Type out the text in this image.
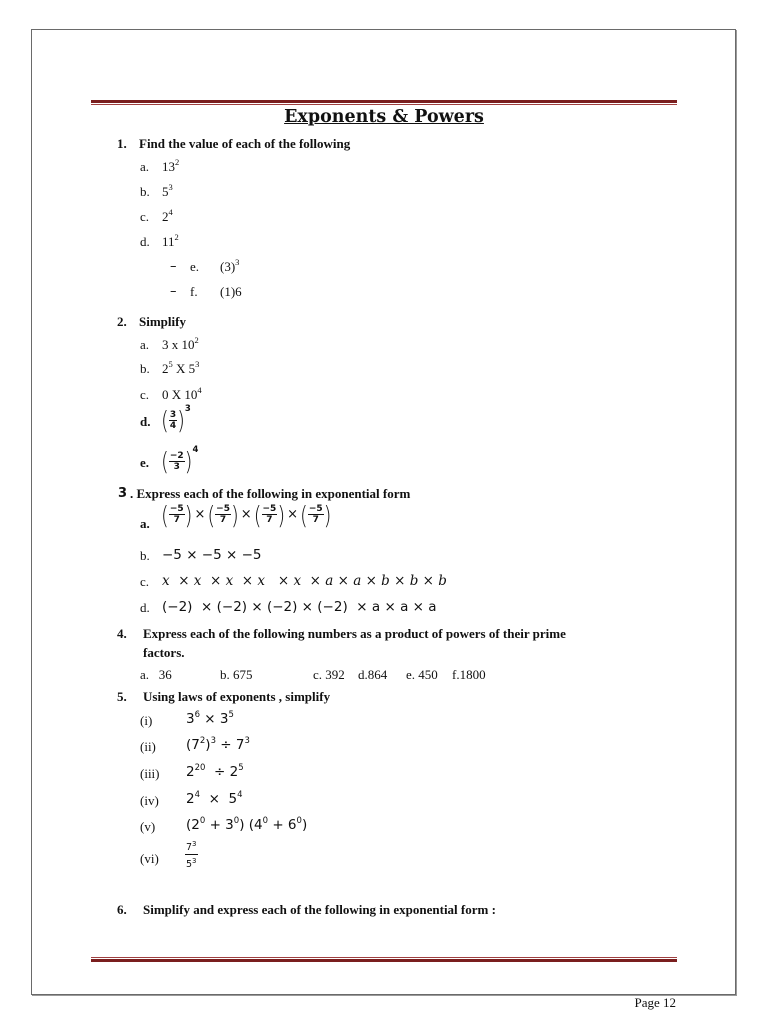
Exponents & Powers
1. Find the value of each of the following
a. $13^2$
b. $5^3$
c. $2^4$
d. $11^2$
– e. $(3)^3$
– f. (1)6
2. Simplify
a. 3 x $10^2$
b. $2^5$ X $5^3$
c. 0 X $10^4$
d. ( $\frac{3}{4} )^3$
e. ( $\frac{-2}{3} )^4$
3 . Express each of the following in exponential form
a. ( $\frac{-5}{7}$ ) × ( $\frac{-5}{7}$ ) × ( $\frac{-5}{7}$ ) × ( $\frac{-5}{7}$ )
b. −5 × −5 × −5
c. x  × x  × x  × x   × x  × a × a × b × b × b
d. (−2)  × (−2) × (−2) × (−2)  × a × a × a
4. Express each of the following numbers as a product of powers of their prime
factors.
a.   36	b. 675	c. 392 d.864 e. 450 f.1800
5. Using laws of exponents , simplify
(i) $3^6 \times 3^5$
(ii) $(7^2)^3 \div 7^3$
(iii) $2^{20} \div 2^5$
(iv) $2^4 \times 5^4$
(v) $(2^0 + 3^0) (4^0 + 6^0)$
(vi)	$\frac{7^3}{5^3}$
6. Simplify and express each of the following in exponential form :
Page 12
